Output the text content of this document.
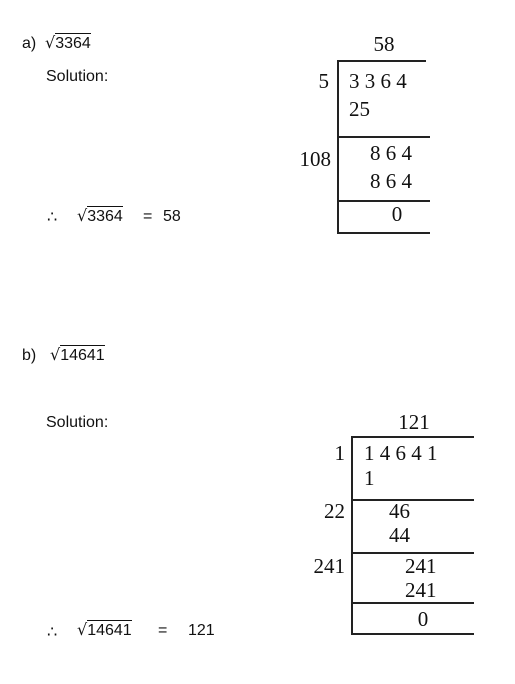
a) √3364
Solution:
∴ √3364 = 58
58
5 3 3 6 4
25
108 8 6 4
8 6 4
0
b) √14641
Solution:
∴ √14641 = 121
121
1 1 4 6 4 1
1
22 46
44
241	241
241
0
